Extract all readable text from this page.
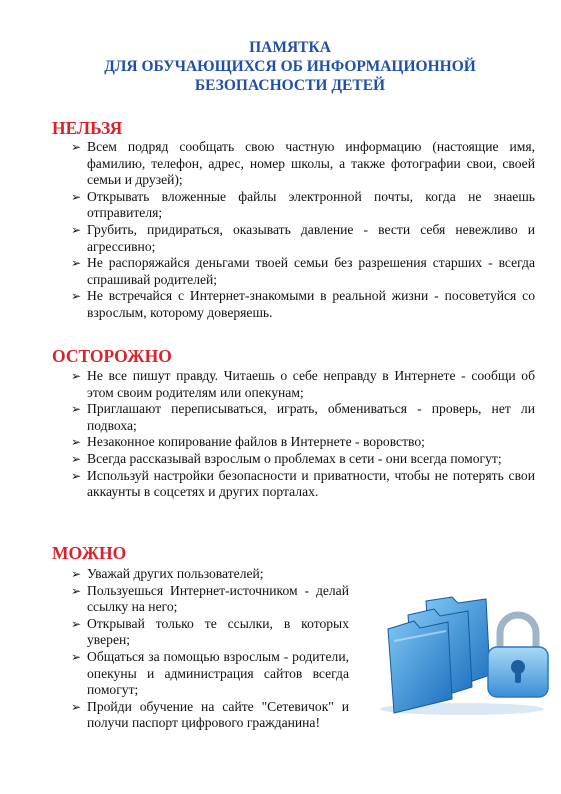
ПАМЯТКА
ДЛЯ ОБУЧАЮЩИХСЯ ОБ ИНФОРМАЦИОННОЙ
БЕЗОПАСНОСТИ ДЕТЕЙ
НЕЛЬЗЯ
➢ Всем подряд сообщать свою частную информацию (настоящие имя, фамилию, телефон, адрес, номер школы, а также фотографии свои, своей семьи и друзей);
➢ Открывать вложенные файлы электронной почты, когда не знаешь отправителя;
➢ Грубить, придираться, оказывать давление - вести себя невежливо и агрессивно;
➢ Не распоряжайся деньгами твоей семьи без разрешения старших - всегда спрашивай родителей;
➢ Не встречайся с Интернет-знакомыми в реальной жизни - посоветуйся со взрослым, которому доверяешь.
ОСТОРОЖНО
➢ Не все пишут правду. Читаешь о себе неправду в Интернете - сообщи об этом своим родителям или опекунам;
➢ Приглашают переписываться, играть, обмениваться - проверь, нет ли подвоха;
➢ Незаконное копирование файлов в Интернете - воровство;
➢ Всегда рассказывай взрослым о проблемах в сети - они всегда помогут;
➢ Используй настройки безопасности и приватности, чтобы не потерять свои аккаунты в соцсетях и других порталах.
МОЖНО
➢ Уважай других пользователей;
➢ Пользуешься Интернет-источником - делай ссылку на него;
➢ Открывай только те ссылки, в которых уверен;
➢ Общаться за помощью взрослым - родители, опекуны и администрация сайтов всегда помогут;
➢ Пройди обучение на сайте "Сетевичок" и получи паспорт цифрового гражданина!
